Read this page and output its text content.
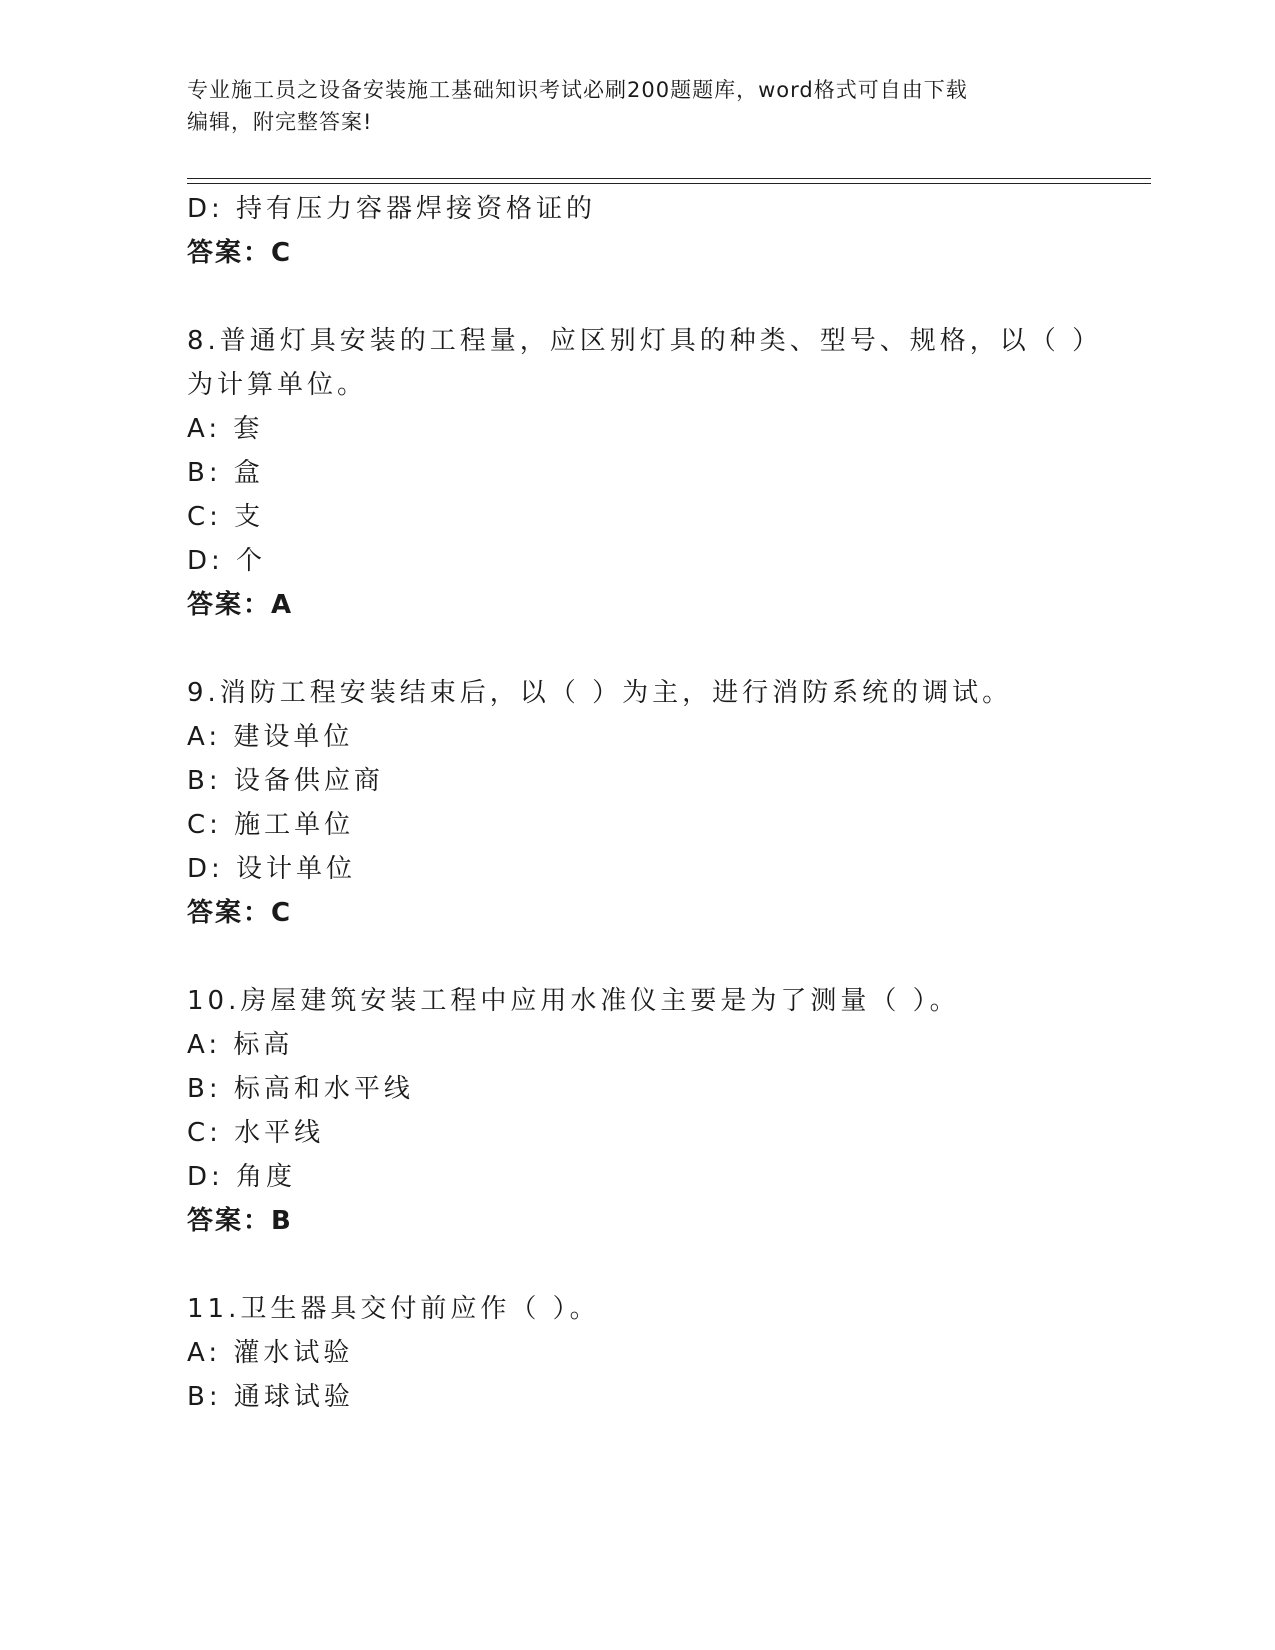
专业施工员之设备安装施工基础知识考试必刷200题题库，word格式可自由下载
编辑，附完整答案!
D: 持有压力容器焊接资格证的
答案：C
8.普通灯具安装的工程量，应区别灯具的种类、型号、规格，以（ ）
为计算单位。
A: 套
B: 盒
C: 支
D: 个
答案：A
9.消防工程安装结束后，以（ ）为主，进行消防系统的调试。
A: 建设单位
B: 设备供应商
C: 施工单位
D: 设计单位
答案：C
10.房屋建筑安装工程中应用水准仪主要是为了测量（ ）。
A: 标高
B: 标高和水平线
C: 水平线
D: 角度
答案：B
11.卫生器具交付前应作（ ）。
A: 灌水试验
B: 通球试验
